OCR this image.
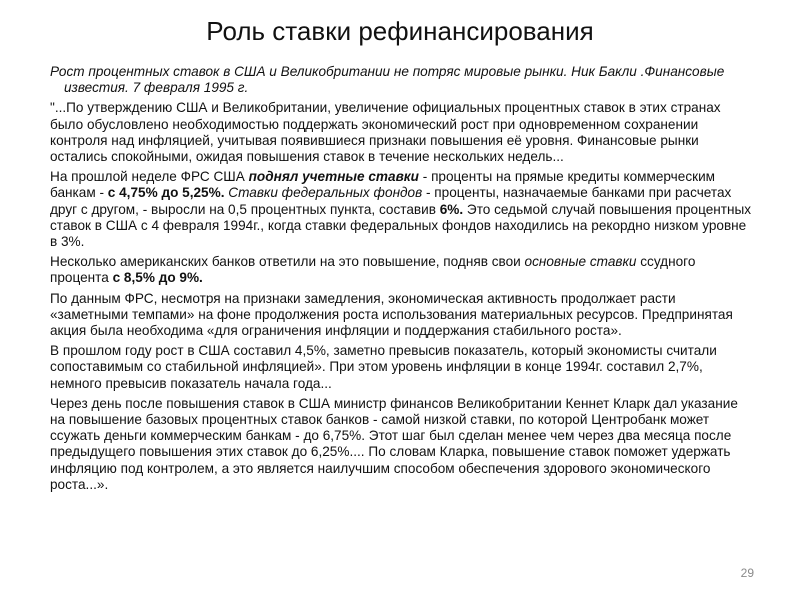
Роль ставки рефинансирования

Рост процентных ставок в США и Великобритании не потряс мировые рынки. Ник Бакли .Финансовые известия. 7 февраля 1995 г.

"...По утверждению США и Великобритании, увеличение официальных процентных ставок в этих странах было обусловлено необходимостью поддержать экономический рост при одновременном сохранении контроля над инфляцией, учитывая появившиеся признаки повышения её уровня. Финансовые рынки остались спокойными, ожидая повышения ставок в течение нескольких недель...

На прошлой неделе ФРС США поднял учетные ставки - проценты на прямые кредиты коммерческим банкам - с 4,75% до 5,25%. Ставки федеральных фондов - проценты, назначаемые банками при расчетах друг с другом, - выросли на 0,5 процентных пункта, составив 6%. Это седьмой случай повышения процентных ставок в США с 4 февраля 1994г., когда ставки федеральных фондов находились на рекордно низком уровне в 3%.

Несколько американских банков ответили на это повышение, подняв свои основные ставки ссудного процента с 8,5% до 9%.

По данным ФРС, несмотря на признаки замедления, экономическая активность продолжает расти «заметными темпами» на фоне продолжения роста использования материальных ресурсов. Предпринятая акция была необходима «для ограничения инфляции и поддержания стабильного роста».

В прошлом году рост в США составил 4,5%, заметно превысив показатель, который экономисты считали сопоставимым со стабильной инфляцией». При этом уровень инфляции в конце 1994г. составил 2,7%, немного превысив показатель начала года...

Через день после повышения ставок в США министр финансов Великобритании Кеннет Кларк дал указание на повышение базовых процентных ставок банков - самой низкой ставки, по которой Центробанк может ссужать деньги коммерческим банкам - до 6,75%. Этот шаг был сделан менее чем через два месяца после предыдущего повышения этих ставок до 6,25%.... По словам Кларка, повышение ставок поможет удержать инфляцию под контролем, а это является наилучшим способом обеспечения здорового экономического роста...».

29
